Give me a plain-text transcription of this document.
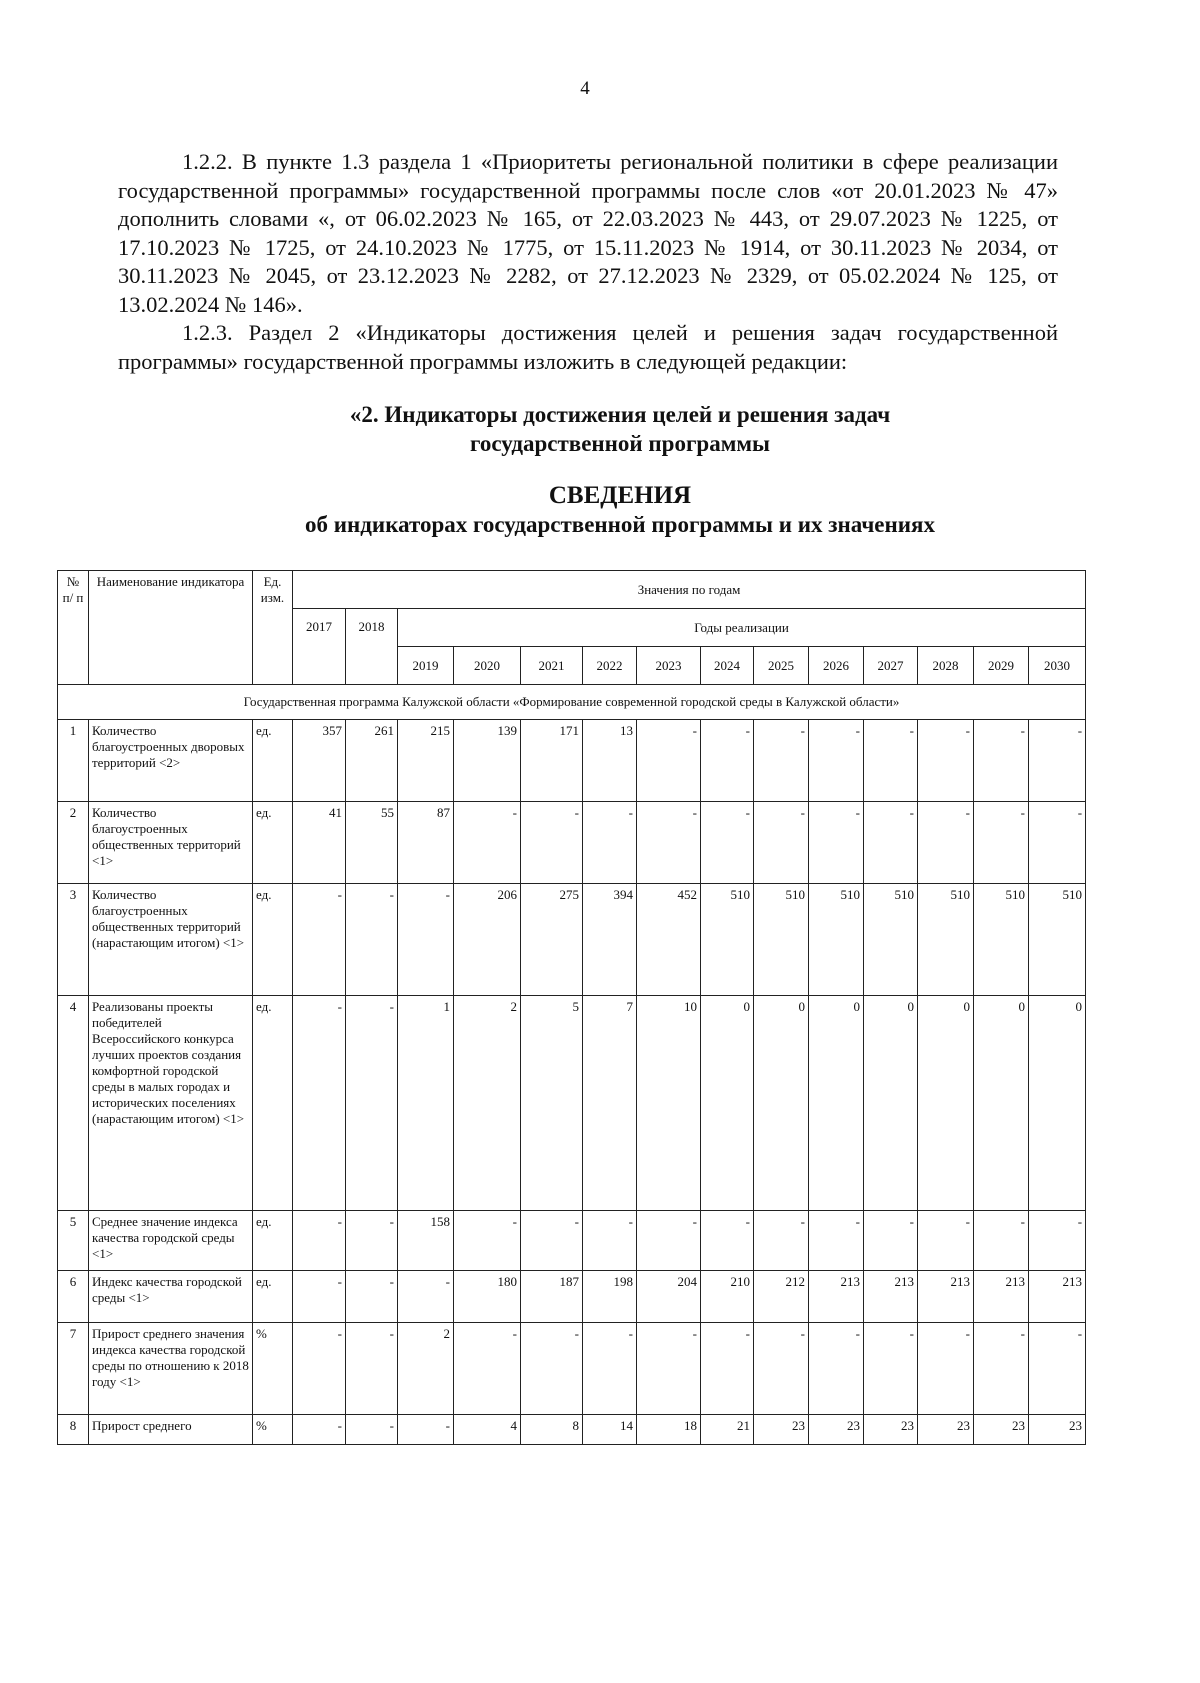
4
1.2.2. В пункте 1.3 раздела 1 «Приоритеты региональной политики в сфере реализации государственной программы» государственной программы после слов «от 20.01.2023 № 47» дополнить словами «, от 06.02.2023 № 165, от 22.03.2023 № 443, от 29.07.2023 № 1225, от 17.10.2023 № 1725, от 24.10.2023 № 1775, от 15.11.2023 № 1914, от 30.11.2023 № 2034, от 30.11.2023 № 2045, от 23.12.2023 № 2282, от 27.12.2023 № 2329, от 05.02.2024 № 125, от 13.02.2024 № 146».
1.2.3. Раздел 2 «Индикаторы достижения целей и решения задач государственной программы» государственной программы изложить в следующей редакции:
«2. Индикаторы достижения целей и решения задач
государственной программы
СВЕДЕНИЯ
об индикаторах государственной программы и их значениях
№ п/ п	Наименование индикатора	Ед. изм.	Значения по годам													
			2017	2018	Годы реализации											
					2019	2020	2021	2022	2023	2024	2025	2026	2027	2028	2029	2030
Государственная программа Калужской области «Формирование современной городской среды в Калужской области»																
1	Количество благоустроенных дворовых территорий <2>	ед.	357	261	215	139	171	13	-	-	-	-	-	-	-	-
2	Количество благоустроенных общественных территорий <1>	ед.	41	55	87	-	-	-	-	-	-	-	-	-	-	-
3	Количество благоустроенных общественных территорий (нарастающим итогом) <1>	ед.	-	-	-	206	275	394	452	510	510	510	510	510	510	510
4	Реализованы проекты победителей Всероссийского конкурса лучших проектов создания комфортной городской среды в малых городах и исторических поселениях (нарастающим итогом) <1>	ед.	-	-	1	2	5	7	10	0	0	0	0	0	0	0
5	Среднее значение индекса качества городской среды <1>	ед.	-	-	158	-	-	-	-	-	-	-	-	-	-	-
6	Индекс качества городской среды <1>	ед.	-	-	-	180	187	198	204	210	212	213	213	213	213	213
7	Прирост среднего значения индекса качества городской среды по отношению к 2018 году <1>	%	-	-	2	-	-	-	-	-	-	-	-	-	-	-
8	Прирост среднего	%	-	-	-	4	8	14	18	21	23	23	23	23	23	23
